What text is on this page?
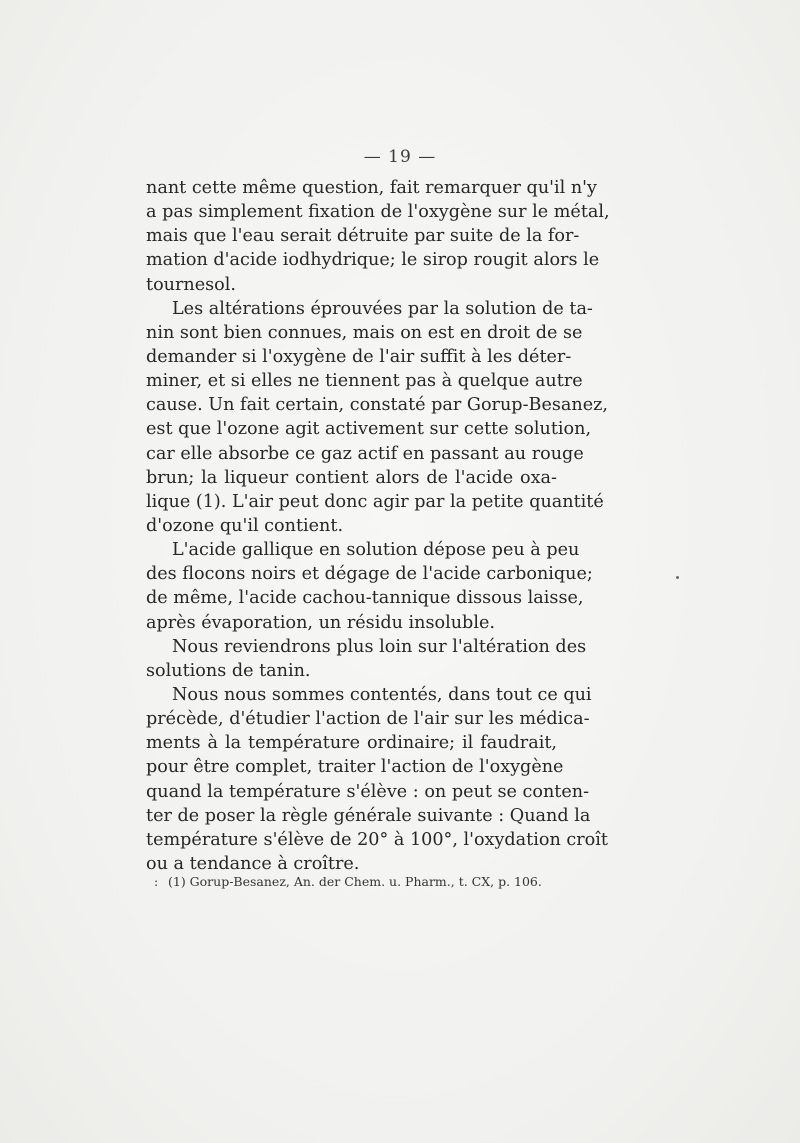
— 19 —
nant cette même question, fait remarquer qu'il n'y
a pas simplement fixation de l'oxygène sur le métal,
mais que l'eau serait détruite par suite de la for-
mation d'acide iodhydrique; le sirop rougit alors le
tournesol.
Les altérations éprouvées par la solution de ta-
nin sont bien connues, mais on est en droit de se
demander si l'oxygène de l'air suffit à les déter-
miner, et si elles ne tiennent pas à quelque autre
cause. Un fait certain, constaté par Gorup-Besanez,
est que l'ozone agit activement sur cette solution,
car elle absorbe ce gaz actif en passant au rouge
brun; la liqueur contient alors de l'acide oxa-
lique (1). L'air peut donc agir par la petite quantité
d'ozone qu'il contient.
L'acide gallique en solution dépose peu à peu
des flocons noirs et dégage de l'acide carbonique;
de même, l'acide cachou-tannique dissous laisse,
après évaporation, un résidu insoluble.
Nous reviendrons plus loin sur l'altération des
solutions de tanin.
Nous nous sommes contentés, dans tout ce qui
précède, d'étudier l'action de l'air sur les médica-
ments à la température ordinaire; il faudrait,
pour être complet, traiter l'action de l'oxygène
quand la température s'élève : on peut se conten-
ter de poser la règle générale suivante : Quand la
température s'élève de 20° à 100°, l'oxydation croît
ou a tendance à croître.
: (1) Gorup-Besanez, An. der Chem. u. Pharm., t. CX, p. 106.
